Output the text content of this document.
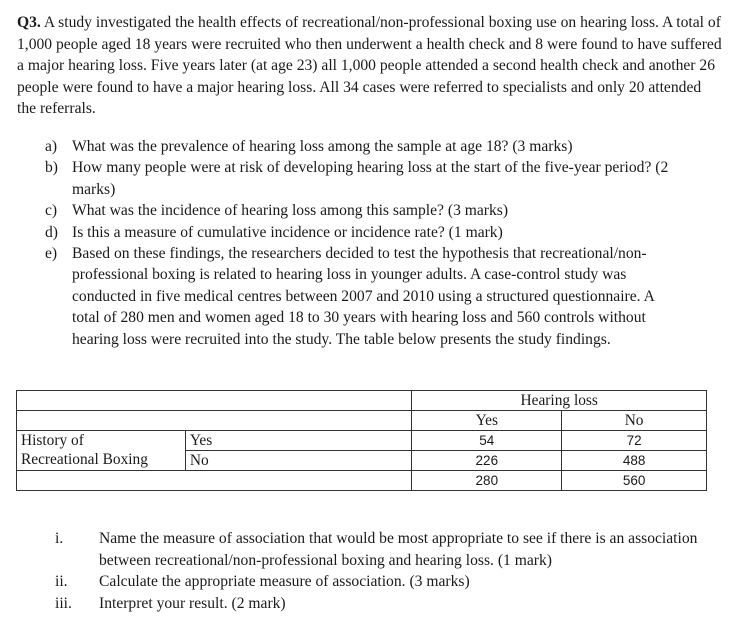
Q3. A study investigated the health effects of recreational/non-professional boxing use on hearing loss. A total of 1,000 people aged 18 years were recruited who then underwent a health check and 8 were found to have suffered a major hearing loss. Five years later (at age 23) all 1,000 people attended a second health check and another 26 people were found to have a major hearing loss. All 34 cases were referred to specialists and only 20 attended the referrals.
a) What was the prevalence of hearing loss among the sample at age 18? (3 marks)
b) How many people were at risk of developing hearing loss at the start of the five-year period? (2 marks)
c) What was the incidence of hearing loss among this sample? (3 marks)
d) Is this a measure of cumulative incidence or incidence rate? (1 mark)
e) Based on these findings, the researchers decided to test the hypothesis that recreational/non-professional boxing is related to hearing loss in younger adults. A case-control study was conducted in five medical centres between 2007 and 2010 using a structured questionnaire. A total of 280 men and women aged 18 to 30 years with hearing loss and 560 controls without hearing loss were recruited into the study. The table below presents the study findings.
		Hearing loss	
		Yes	No
History of
Recreational Boxing	Yes	54	72
	No	226	488
		280	560
i.	Name the measure of association that would be most appropriate to see if there is an association between recreational/non-professional boxing and hearing loss. (1 mark)
ii.	Calculate the appropriate measure of association. (3 marks)
iii.	Interpret your result. (2 mark)
